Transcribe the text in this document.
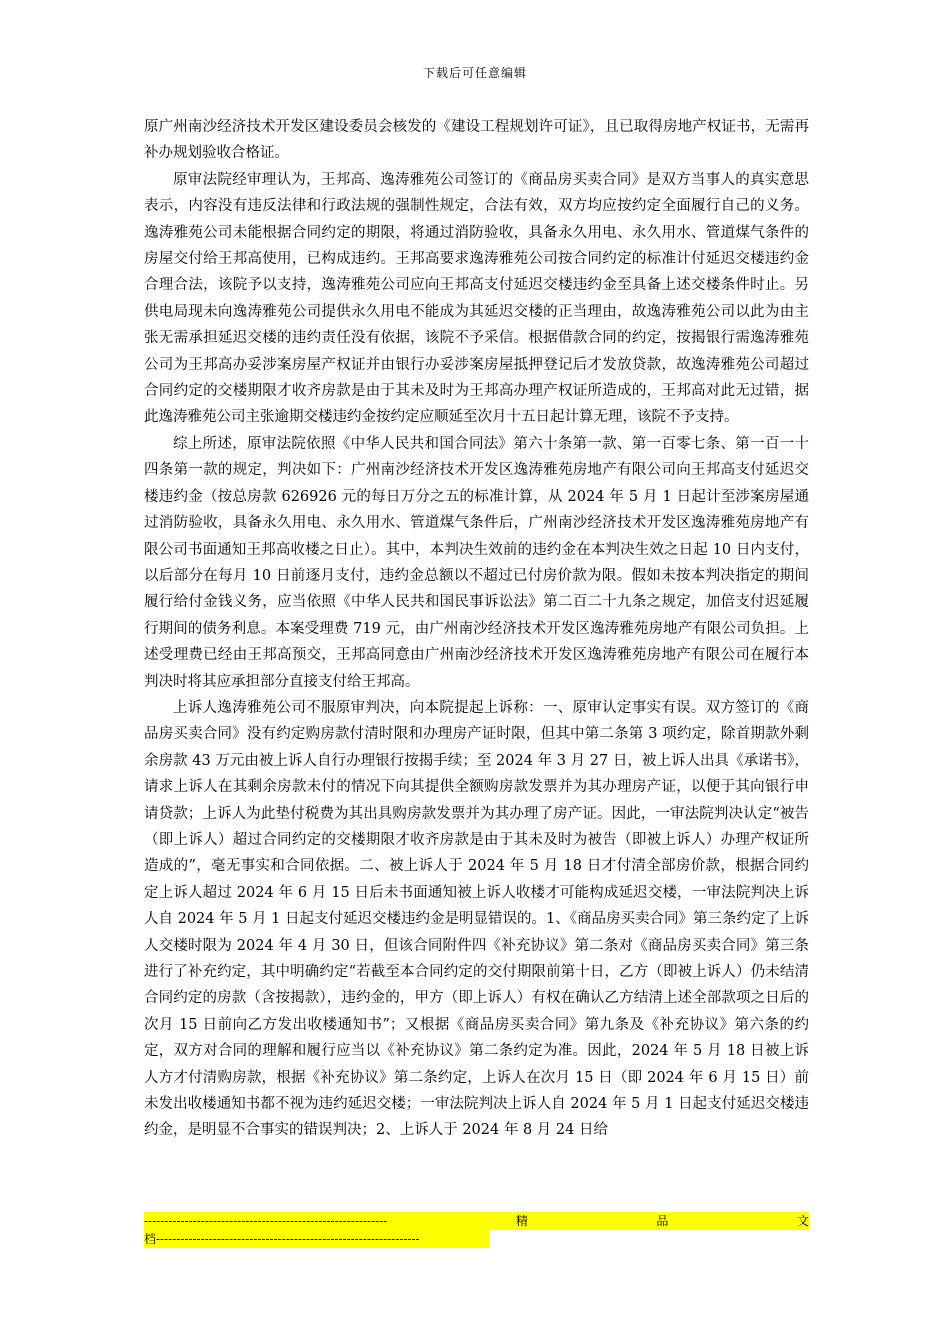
下载后可任意编辑

原广州南沙经济技术开发区建设委员会核发的《建设工程规划许可证》，且已取得房地产权证书，无需再补办规划验收合格证。

原审法院经审理认为，王邦高、逸涛雅苑公司签订的《商品房买卖合同》是双方当事人的真实意思表示，内容没有违反法律和行政法规的强制性规定，合法有效，双方均应按约定全面履行自己的义务。逸涛雅苑公司未能根据合同约定的期限，将通过消防验收，具备永久用电、永久用水、管道煤气条件的房屋交付给王邦高使用，已构成违约。王邦高要求逸涛雅苑公司按合同约定的标准计付延迟交楼违约金合理合法，该院予以支持，逸涛雅苑公司应向王邦高支付延迟交楼违约金至具备上述交楼条件时止。另供电局现未向逸涛雅苑公司提供永久用电不能成为其延迟交楼的正当理由，故逸涛雅苑公司以此为由主张无需承担延迟交楼的违约责任没有依据，该院不予采信。根据借款合同的约定，按揭银行需逸涛雅苑公司为王邦高办妥涉案房屋产权证并由银行办妥涉案房屋抵押登记后才发放贷款，故逸涛雅苑公司超过合同约定的交楼期限才收齐房款是由于其未及时为王邦高办理产权证所造成的，王邦高对此无过错，据此逸涛雅苑公司主张逾期交楼违约金按约定应顺延至次月十五日起计算无理，该院不予支持。

综上所述，原审法院依照《中华人民共和国合同法》第六十条第一款、第一百零七条、第一百一十四条第一款的规定，判决如下：广州南沙经济技术开发区逸涛雅苑房地产有限公司向王邦高支付延迟交楼违约金（按总房款 626926 元的每日万分之五的标准计算，从 2024 年 5 月 1 日起计至涉案房屋通过消防验收，具备永久用电、永久用水、管道煤气条件后，广州南沙经济技术开发区逸涛雅苑房地产有限公司书面通知王邦高收楼之日止）。其中，本判决生效前的违约金在本判决生效之日起 10 日内支付，以后部分在每月 10 日前逐月支付，违约金总额以不超过已付房价款为限。假如未按本判决指定的期间履行给付金钱义务，应当依照《中华人民共和国民事诉讼法》第二百二十九条之规定，加倍支付迟延履行期间的债务利息。本案受理费 719 元，由广州南沙经济技术开发区逸涛雅苑房地产有限公司负担。上述受理费已经由王邦高预交，王邦高同意由广州南沙经济技术开发区逸涛雅苑房地产有限公司在履行本判决时将其应承担部分直接支付给王邦高。

上诉人逸涛雅苑公司不服原审判决，向本院提起上诉称：一、原审认定事实有误。双方签订的《商品房买卖合同》没有约定购房款付清时限和办理房产证时限，但其中第二条第 3 项约定，除首期款外剩余房款 43 万元由被上诉人自行办理银行按揭手续；至 2024 年 3 月 27 日，被上诉人出具《承诺书》，请求上诉人在其剩余房款未付的情况下向其提供全额购房款发票并为其办理房产证，以便于其向银行申请贷款；上诉人为此垫付税费为其出具购房款发票并为其办理了房产证。因此，一审法院判决认定“被告（即上诉人）超过合同约定的交楼期限才收齐房款是由于其未及时为被告（即被上诉人）办理产权证所造成的”，毫无事实和合同依据。二、被上诉人于 2024 年 5 月 18 日才付清全部房价款，根据合同约定上诉人超过 2024 年 6 月 15 日后未书面通知被上诉人收楼才可能构成延迟交楼，一审法院判决上诉人自 2024 年 5 月 1 日起支付延迟交楼违约金是明显错误的。1、《商品房买卖合同》第三条约定了上诉人交楼时限为 2024 年 4 月 30 日，但该合同附件四《补充协议》第二条对《商品房买卖合同》第三条进行了补充约定，其中明确约定“若截至本合同约定的交付期限前第十日，乙方（即被上诉人）仍未结清合同约定的房款（含按揭款），违约金的，甲方（即上诉人）有权在确认乙方结清上述全部款项之日后的次月 15 日前向乙方发出收楼通知书”；又根据《商品房买卖合同》第九条及《补充协议》第六条的约定，双方对合同的理解和履行应当以《补充协议》第二条约定为准。因此，2024 年 5 月 18 日被上诉人方才付清购房款，根据《补充协议》第二条约定，上诉人在次月 15 日（即 2024 年 6 月 15 日）前未发出收楼通知书都不视为违约延迟交楼；一审法院判决上诉人自 2024 年 5 月 1 日起支付延迟交楼违约金，是明显不合事实的错误判决；2、上诉人于 2024 年 8 月 24 日给

------------------------------------------------------------	精	品	文
档-----------------------------------------------------------------
